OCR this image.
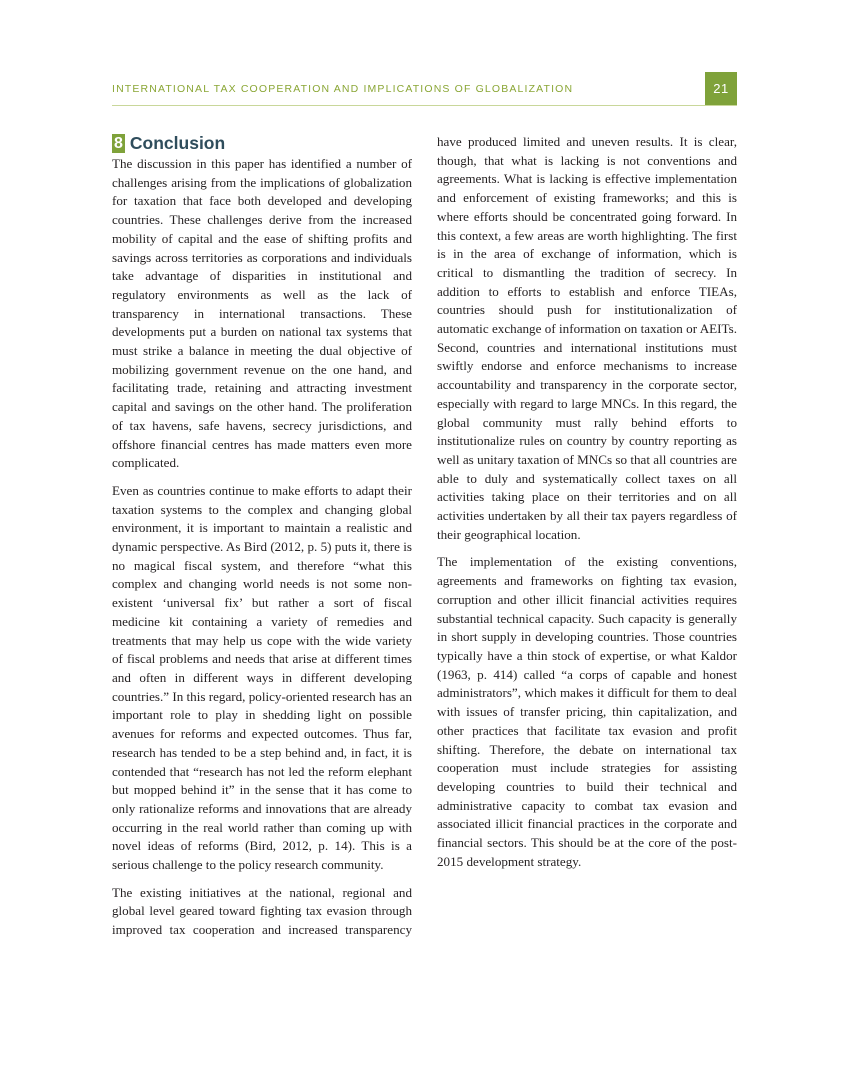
INTERNATIONAL TAX COOPERATION AND IMPLICATIONS OF GLOBALIZATION	21
8 Conclusion

The discussion in this paper has identified a number of challenges arising from the implications of globalization for taxation that face both developed and developing countries. These challenges derive from the increased mobility of capital and the ease of shifting profits and savings across territories as corporations and individuals take advantage of disparities in institutional and regulatory environments as well as the lack of transparency in international transactions. These developments put a burden on national tax systems that must strike a balance in meeting the dual objective of mobilizing government revenue on the one hand, and facilitating trade, retaining and attracting investment capital and savings on the other hand. The proliferation of tax havens, safe havens, secrecy jurisdictions, and offshore financial centres has made matters even more complicated.

Even as countries continue to make efforts to adapt their taxation systems to the complex and changing global environment, it is important to maintain a realistic and dynamic perspective. As Bird (2012, p. 5) puts it, there is no magical fiscal system, and therefore “what this complex and changing world needs is not some non-existent ‘universal fix’ but rather a sort of fiscal medicine kit containing a variety of remedies and treatments that may help us cope with the wide variety of fiscal problems and needs that arise at different times and often in different ways in different developing countries.” In this regard, policy-oriented research has an important role to play in shedding light on possible avenues for reforms and expected outcomes. Thus far, research has tended to be a step behind and, in fact, it is contended that “research has not led the reform elephant but mopped behind it” in the sense that it has come to only rationalize reforms and innovations that are already occurring in the real world rather than coming up with novel ideas of reforms (Bird, 2012, p. 14). This is a serious challenge to the policy research community.

The existing initiatives at the national, regional and global level geared toward fighting tax evasion through improved tax cooperation and increased transparency

have produced limited and uneven results. It is clear, though, that what is lacking is not conventions and agreements. What is lacking is effective implementation and enforcement of existing frameworks; and this is where efforts should be concentrated going forward. In this context, a few areas are worth highlighting. The first is in the area of exchange of information, which is critical to dismantling the tradition of secrecy. In addition to efforts to establish and enforce TIEAs, countries should push for institutionalization of automatic exchange of information on taxation or AEITs. Second, countries and international institutions must swiftly endorse and enforce mechanisms to increase accountability and transparency in the corporate sector, especially with regard to large MNCs. In this regard, the global community must rally behind efforts to institutionalize rules on country by country reporting as well as unitary taxation of MNCs so that all countries are able to duly and systematically collect taxes on all activities taking place on their territories and on all activities undertaken by all their tax payers regardless of their geographical location.

The implementation of the existing conventions, agreements and frameworks on fighting tax evasion, corruption and other illicit financial activities requires substantial technical capacity. Such capacity is generally in short supply in developing countries. Those countries typically have a thin stock of expertise, or what Kaldor (1963, p. 414) called “a corps of capable and honest administrators”, which makes it difficult for them to deal with issues of transfer pricing, thin capitalization, and other practices that facilitate tax evasion and profit shifting. Therefore, the debate on international tax cooperation must include strategies for assisting developing countries to build their technical and administrative capacity to combat tax evasion and associated illicit financial practices in the corporate and financial sectors. This should be at the core of the post-2015 development strategy.
